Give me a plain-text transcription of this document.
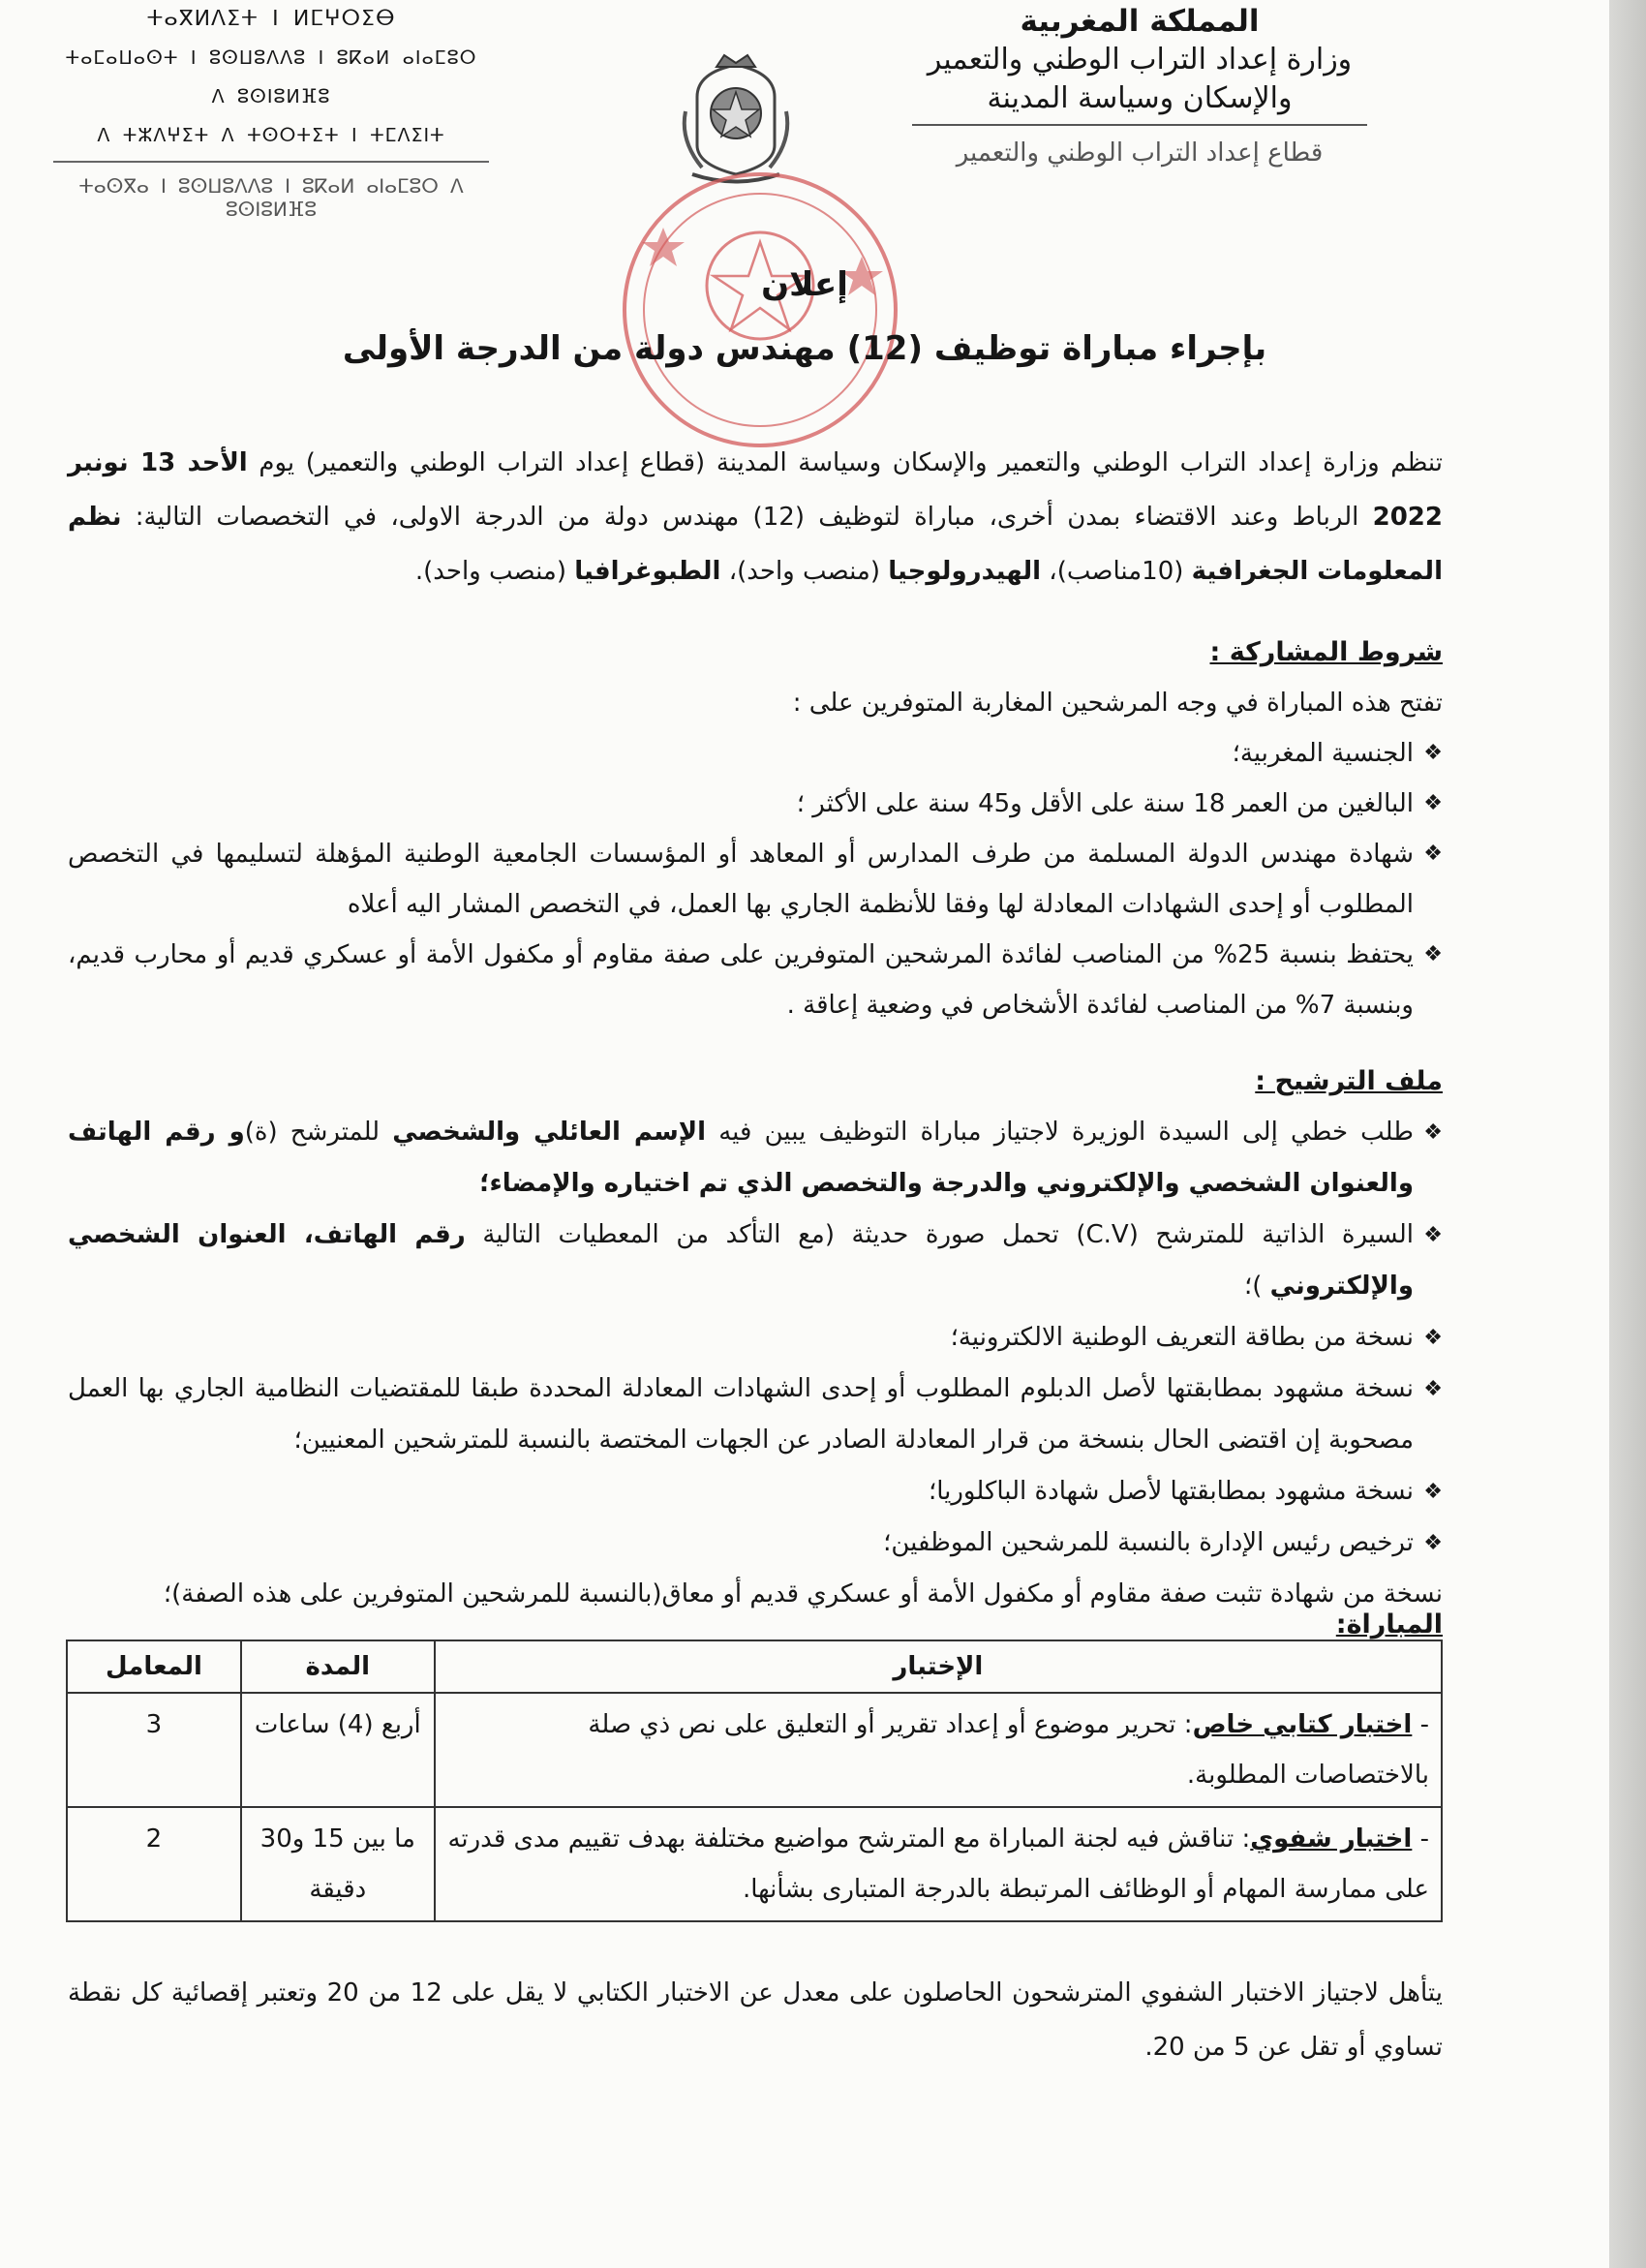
المملكة المغربية
وزارة إعداد التراب الوطني والتعمير
والإسكان وسياسة المدينة
قطاع إعداد التراب الوطني والتعمير
ⵜⴰⴳⵍⴷⵉⵜ ⵏ ⵍⵎⵖⵔⵉⴱ
ⵜⴰⵎⴰⵡⴰⵙⵜ ⵏ ⵓⵙⵡⵓⴷⴷⵓ ⵏ ⵓⴽⴰⵍ ⴰⵏⴰⵎⵓⵔ ⴷ ⵓⵙⵏⵓⵍⴼⵓ
ⴷ ⵜⵣⴷⵖⵉⵜ ⴷ ⵜⵙⵔⵜⵉⵜ ⵏ ⵜⵎⴷⵉⵏⵜ
ⵜⴰⵙⴳⴰ ⵏ ⵓⵙⵡⵓⴷⴷⵓ ⵏ ⵓⴽⴰⵍ ⴰⵏⴰⵎⵓⵔ ⴷ ⵓⵙⵏⵓⵍⴼⵓ
إعلان
بإجراء مباراة توظيف (12) مهندس دولة من الدرجة الأولى
تنظم وزارة إعداد التراب الوطني والتعمير والإسكان وسياسة المدينة (قطاع إعداد التراب الوطني والتعمير) يوم الأحد 13 نونبر 2022 الرباط وعند الاقتضاء بمدن أخرى، مباراة لتوظيف (12) مهندس دولة من الدرجة الاولى، في التخصصات التالية: نظم المعلومات الجغرافية (10مناصب)، الهيدرولوجيا (منصب واحد)، الطبوغرافيا (منصب واحد).
شروط المشاركة :
تفتح هذه المباراة في وجه المرشحين المغاربة المتوفرين على :
❖
الجنسية المغربية؛
❖
البالغين من العمر 18 سنة على الأقل و45 سنة على الأكثر ؛
❖
شهادة مهندس الدولة المسلمة من طرف المدارس أو المعاهد أو المؤسسات الجامعية الوطنية المؤهلة لتسليمها في التخصص المطلوب أو إحدى الشهادات المعادلة لها وفقا للأنظمة الجاري بها العمل، في التخصص المشار اليه أعلاه
❖
يحتفظ بنسبة 25% من المناصب لفائدة المرشحين المتوفرين على صفة مقاوم أو مكفول الأمة أو عسكري قديم أو محارب قديم، وبنسبة 7% من المناصب لفائدة الأشخاص في وضعية إعاقة .
ملف الترشيح :
❖
طلب خطي إلى السيدة الوزيرة لاجتياز مباراة التوظيف يبين فيه الإسم العائلي والشخصي للمترشح (ة)و رقم الهاتف والعنوان الشخصي والإلكتروني والدرجة والتخصص الذي تم اختياره والإمضاء؛
❖
السيرة الذاتية للمترشح (C.V) تحمل صورة حديثة (مع التأكد من المعطيات التالية رقم الهاتف، العنوان الشخصي والإلكتروني )؛
❖
نسخة من بطاقة التعريف الوطنية الالكترونية؛
❖
نسخة مشهود بمطابقتها لأصل الدبلوم المطلوب أو إحدى الشهادات المعادلة المحددة طبقا للمقتضيات النظامية الجاري بها العمل مصحوبة إن اقتضى الحال بنسخة من قرار المعادلة الصادر عن الجهات المختصة بالنسبة للمترشحين المعنيين؛
❖
نسخة مشهود بمطابقتها لأصل شهادة الباكلوريا؛
❖
ترخيص رئيس الإدارة بالنسبة للمرشحين الموظفين؛
نسخة من شهادة تثبت صفة مقاوم أو مكفول الأمة أو عسكري قديم أو معاق(بالنسبة للمرشحين المتوفرين على هذه الصفة)؛
المباراة:
الإختبار	المدة	المعامل
- اختبار كتابي خاص: تحرير موضوع أو إعداد تقرير أو التعليق على نص ذي صلة بالاختصاصات المطلوبة.	أربع (4) ساعات	3
- اختبار شفوي: تناقش فيه لجنة المباراة مع المترشح مواضيع مختلفة بهدف تقييم مدى قدرته على ممارسة المهام أو الوظائف المرتبطة بالدرجة المتبارى بشأنها.	ما بين 15 و30 دقيقة	2
يتأهل لاجتياز الاختبار الشفوي المترشحون الحاصلون على معدل عن الاختبار الكتابي لا يقل على 12 من 20 وتعتبر إقصائية كل نقطة تساوي أو تقل عن 5 من 20.
